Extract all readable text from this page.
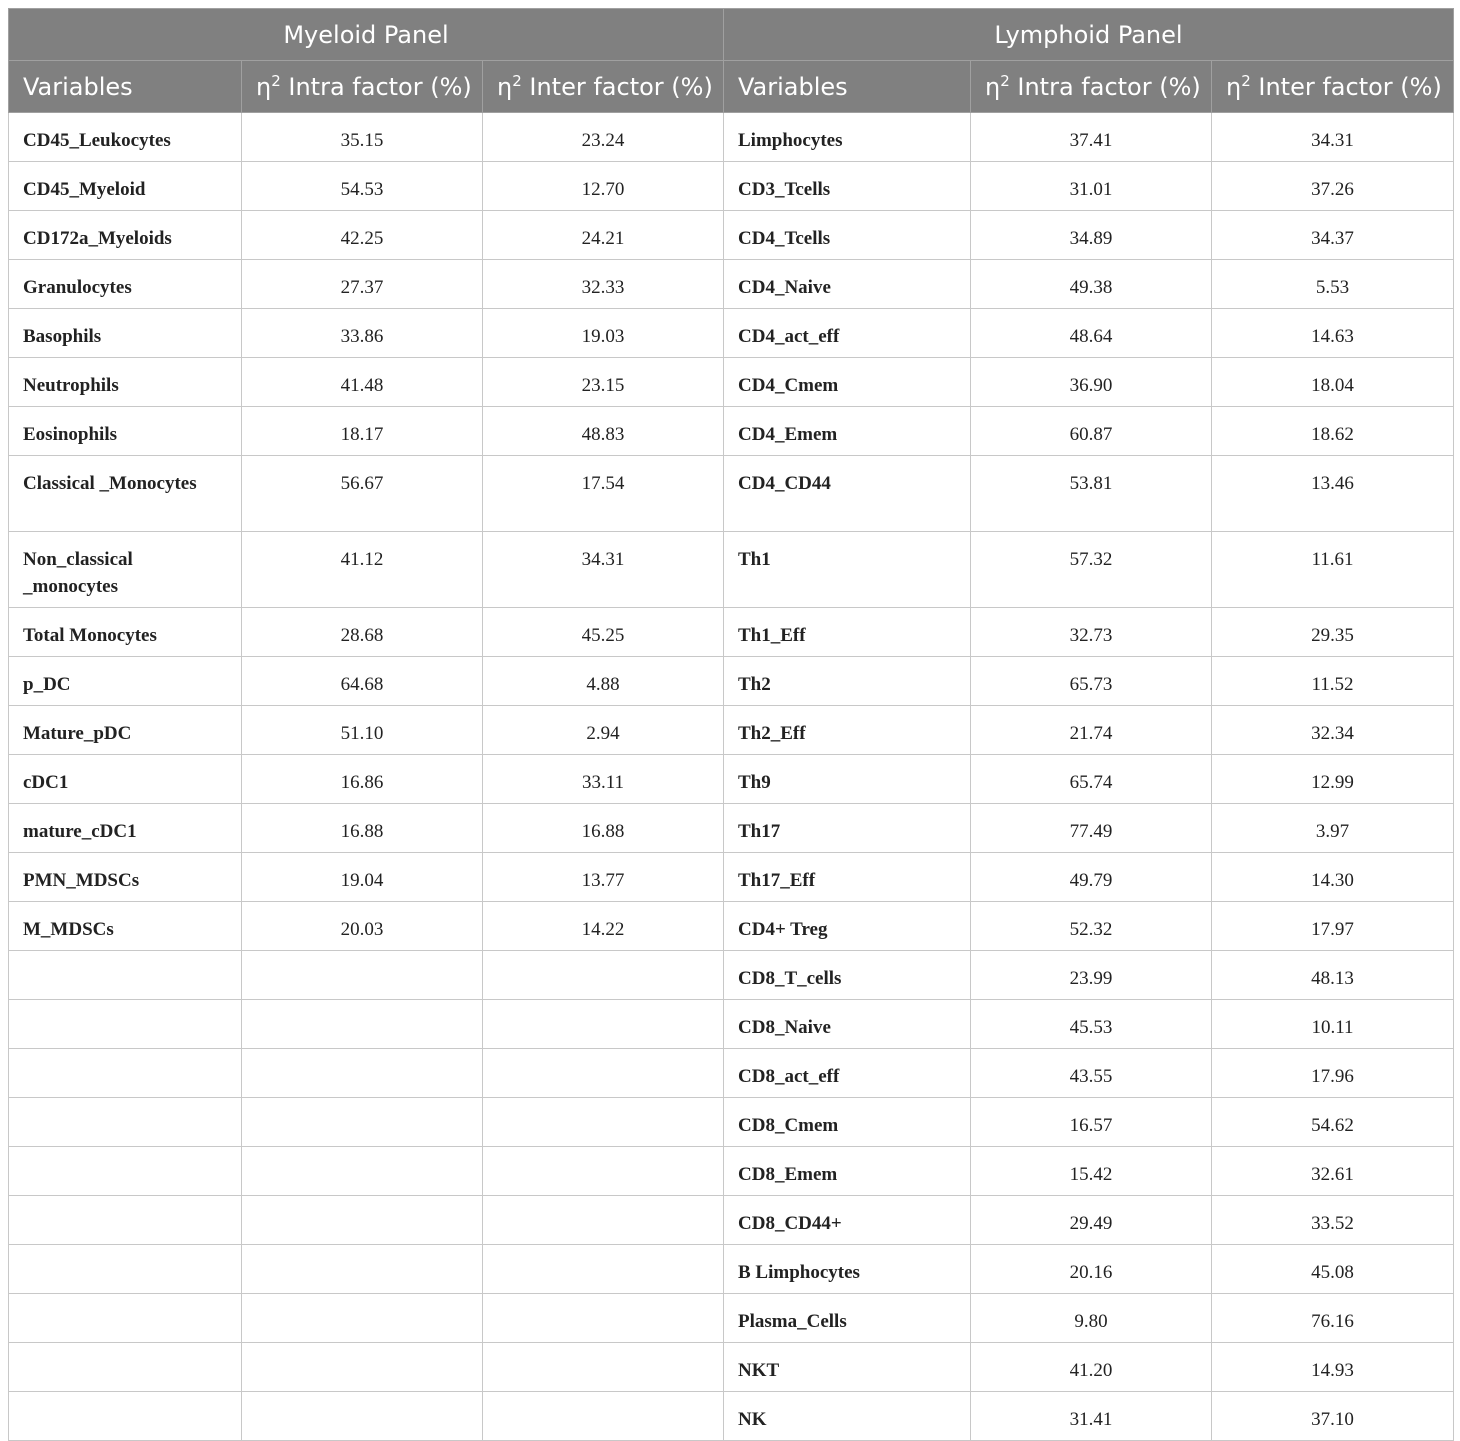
Myeloid Panel			Lymphoid Panel		
Variables	$\eta^2$ Intra factor (%)	$\eta^2$ Inter factor (%)	Variables	$\eta^2$ Intra factor (%)	$\eta^2$ Inter factor (%)
CD45_Leukocytes	35.15	23.24	Limphocytes	37.41	34.31
CD45_Myeloid	54.53	12.70	CD3_Tcells	31.01	37.26
CD172a_Myeloids	42.25	24.21	CD4_Tcells	34.89	34.37
Granulocytes	27.37	32.33	CD4_Naive	49.38	5.53
Basophils	33.86	19.03	CD4_act_eff	48.64	14.63
Neutrophils	41.48	23.15	CD4_Cmem	36.90	18.04
Eosinophils	18.17	48.83	CD4_Emem	60.87	18.62
Classical _Monocytes	56.67	17.54	CD4_CD44	53.81	13.46
Non_classical _monocytes	41.12	34.31	Th1	57.32	11.61
Total Monocytes	28.68	45.25	Th1_Eff	32.73	29.35
p_DC	64.68	4.88	Th2	65.73	11.52
Mature_pDC	51.10	2.94	Th2_Eff	21.74	32.34
cDC1	16.86	33.11	Th9	65.74	12.99
mature_cDC1	16.88	16.88	Th17	77.49	3.97
PMN_MDSCs	19.04	13.77	Th17_Eff	49.79	14.30
M_MDSCs	20.03	14.22	CD4+ Treg	52.32	17.97
			CD8_T_cells	23.99	48.13
			CD8_Naive	45.53	10.11
			CD8_act_eff	43.55	17.96
			CD8_Cmem	16.57	54.62
			CD8_Emem	15.42	32.61
			CD8_CD44+	29.49	33.52
			B Limphocytes	20.16	45.08
			Plasma_Cells	9.80	76.16
			NKT	41.20	14.93
			NK	31.41	37.10
